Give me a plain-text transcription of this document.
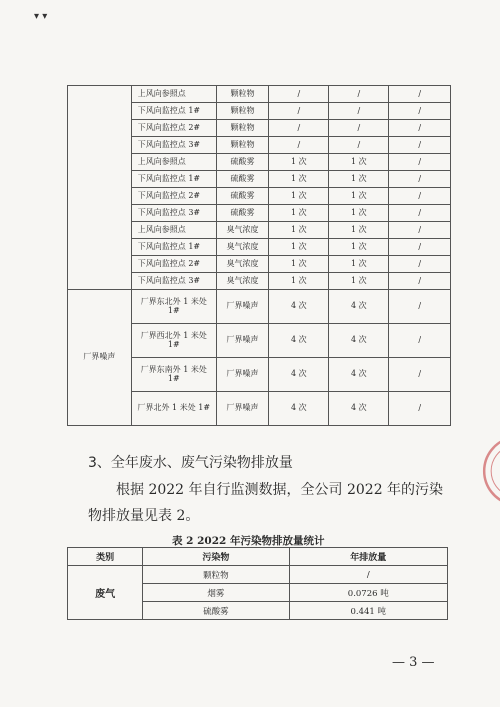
▾ ▾
	上风向参照点	颗粒物	/	/	/
	下风向监控点 1#	颗粒物	/	/	/
	下风向监控点 2#	颗粒物	/	/	/
	下风向监控点 3#	颗粒物	/	/	/
	上风向参照点	硫酸雾	1 次	1 次	/
	下风向监控点 1#	硫酸雾	1 次	1 次	/
	下风向监控点 2#	硫酸雾	1 次	1 次	/
	下风向监控点 3#	硫酸雾	1 次	1 次	/
	上风向参照点	臭气浓度	1 次	1 次	/
	下风向监控点 1#	臭气浓度	1 次	1 次	/
	下风向监控点 2#	臭气浓度	1 次	1 次	/
	下风向监控点 3#	臭气浓度	1 次	1 次	/
厂界噪声	厂界东北外 1 米处 1#	厂界噪声	4 次	4 次	/
	厂界西北外 1 米处 1#	厂界噪声	4 次	4 次	/
	厂界东南外 1 米处 1#	厂界噪声	4 次	4 次	/
	厂界北外 1 米处 1#	厂界噪声	4 次	4 次	/
3、全年废水、废气污染物排放量

  根据 2022 年自行监测数据，全公司 2022 年的污染物排放量见表 2。

表 2 2022 年污染物排放量统计
类别	污染物	年排放量
废气	颗粒物	/
	烟雾	0.0726 吨
	硫酸雾	0.441 吨
— 3 —
